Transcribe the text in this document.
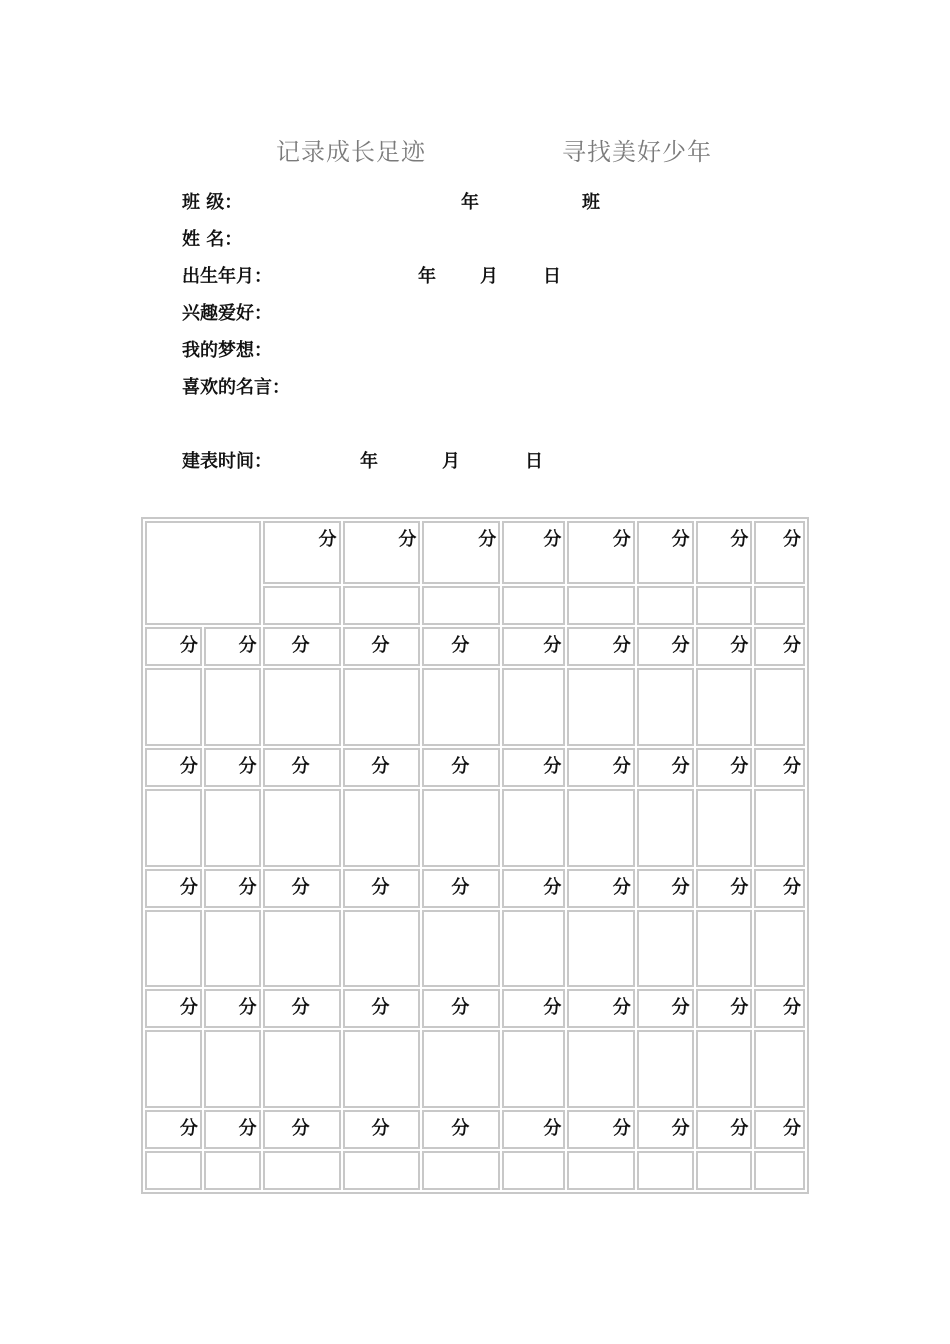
记录成长足迹	寻找美好少年
班 级：	年	班
姓 名：
出生年月：	年 月	日
兴趣爱好：
我的梦想：
喜欢的名言：
建表时间：	年	月	日
		分	分	分	分	分	分	分	分

分	分	分	分	分	分	分	分	分	分

分	分	分	分	分	分	分	分	分	分

分	分	分	分	分	分	分	分	分	分

分	分	分	分	分	分	分	分	分	分

分	分	分	分	分	分	分	分	分	分
